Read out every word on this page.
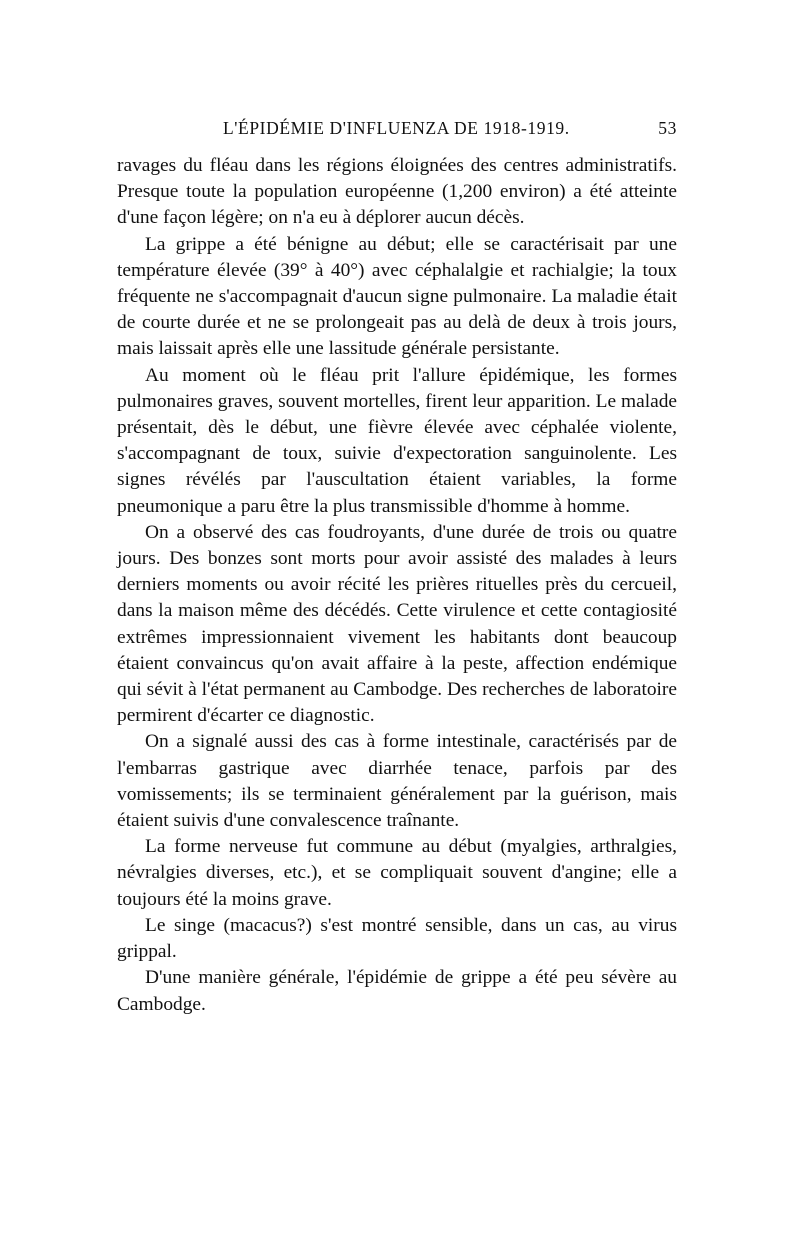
L'ÉPIDÉMIE D'INFLUENZA DE 1918-1919.	53

ravages du fléau dans les régions éloignées des centres administratifs. Presque toute la population européenne (1,200 environ) a été atteinte d'une façon légère; on n'a eu à déplorer aucun décès.

La grippe a été bénigne au début; elle se caractérisait par une température élevée (39° à 40°) avec céphalalgie et rachialgie; la toux fréquente ne s'accompagnait d'aucun signe pulmonaire. La maladie était de courte durée et ne se prolongeait pas au delà de deux à trois jours, mais laissait après elle une lassitude générale persistante.

Au moment où le fléau prit l'allure épidémique, les formes pulmonaires graves, souvent mortelles, firent leur apparition. Le malade présentait, dès le début, une fièvre élevée avec céphalée violente, s'accompagnant de toux, suivie d'expectoration sanguinolente. Les signes révélés par l'auscultation étaient variables, la forme pneumonique a paru être la plus transmissible d'homme à homme.

On a observé des cas foudroyants, d'une durée de trois ou quatre jours. Des bonzes sont morts pour avoir assisté des malades à leurs derniers moments ou avoir récité les prières rituelles près du cercueil, dans la maison même des décédés. Cette virulence et cette contagiosité extrêmes impressionnaient vivement les habitants dont beaucoup étaient convaincus qu'on avait affaire à la peste, affection endémique qui sévit à l'état permanent au Cambodge. Des recherches de laboratoire permirent d'écarter ce diagnostic.

On a signalé aussi des cas à forme intestinale, caractérisés par de l'embarras gastrique avec diarrhée tenace, parfois par des vomissements; ils se terminaient généralement par la guérison, mais étaient suivis d'une convalescence traînante.

La forme nerveuse fut commune au début (myalgies, arthralgies, névralgies diverses, etc.), et se compliquait souvent d'angine; elle a toujours été la moins grave.

Le singe (macacus?) s'est montré sensible, dans un cas, au virus grippal.

D'une manière générale, l'épidémie de grippe a été peu sévère au Cambodge.
